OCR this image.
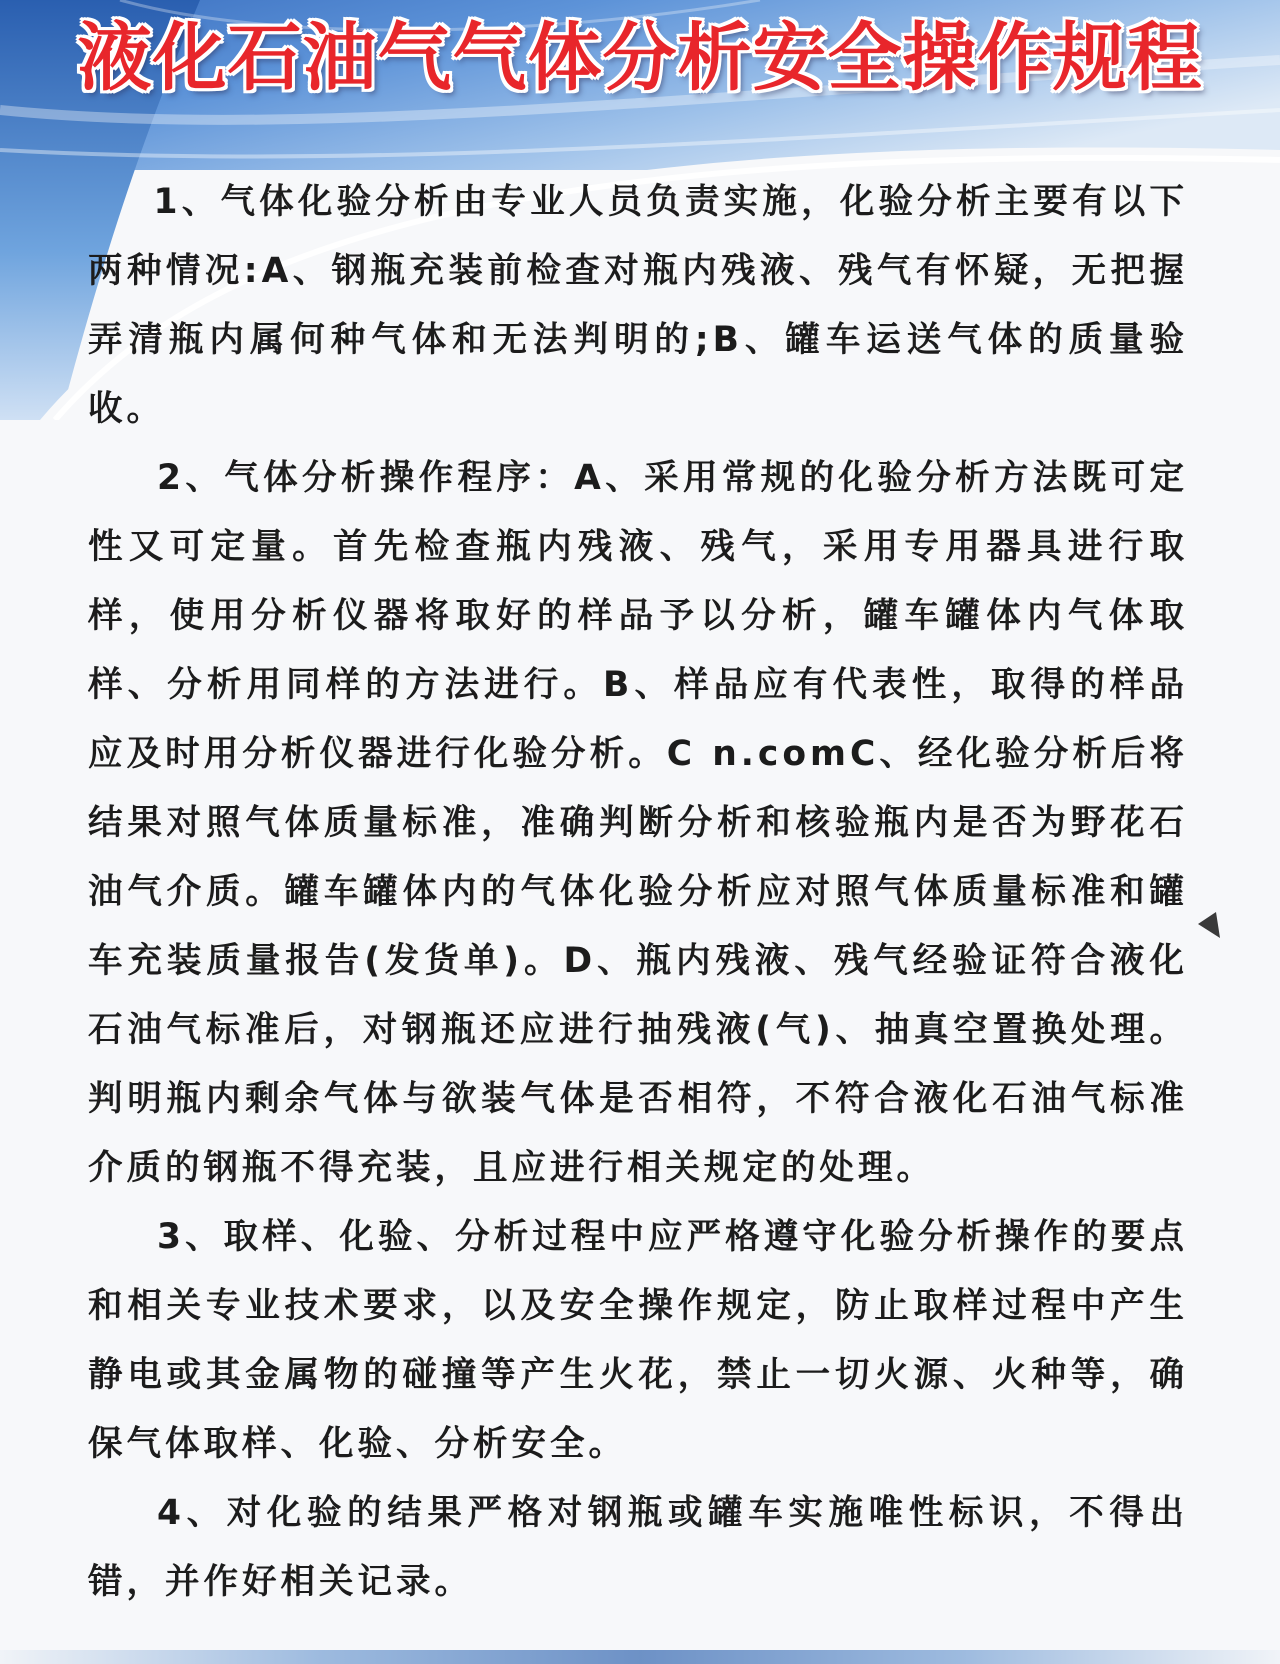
液化石油气气体分析安全操作规程

1、气体化验分析由专业人员负责实施，化验分析主要有以下两种情况:A、钢瓶充装前检查对瓶内残液、残气有怀疑，无把握弄清瓶内属何种气体和无法判明的;B、罐车运送气体的质量验收。

2、气体分析操作程序：A、采用常规的化验分析方法既可定性又可定量。首先检查瓶内残液、残气，采用专用器具进行取样，使用分析仪器将取好的样品予以分析，罐车罐体内气体取样、分析用同样的方法进行。B、样品应有代表性，取得的样品应及时用分析仪器进行化验分析。C n.comC、经化验分析后将结果对照气体质量标准，准确判断分析和核验瓶内是否为野花石油气介质。罐车罐体内的气体化验分析应对照气体质量标准和罐车充装质量报告(发货单)。D、瓶内残液、残气经验证符合液化石油气标准后，对钢瓶还应进行抽残液(气)、抽真空置换处理。判明瓶内剩余气体与欲装气体是否相符，不符合液化石油气标准介质的钢瓶不得充装，且应进行相关规定的处理。

3、取样、化验、分析过程中应严格遵守化验分析操作的要点和相关专业技术要求，以及安全操作规定，防止取样过程中产生静电或其金属物的碰撞等产生火花，禁止一切火源、火种等，确保气体取样、化验、分析安全。

4、对化验的结果严格对钢瓶或罐车实施唯性标识，不得出错，并作好相关记录。
